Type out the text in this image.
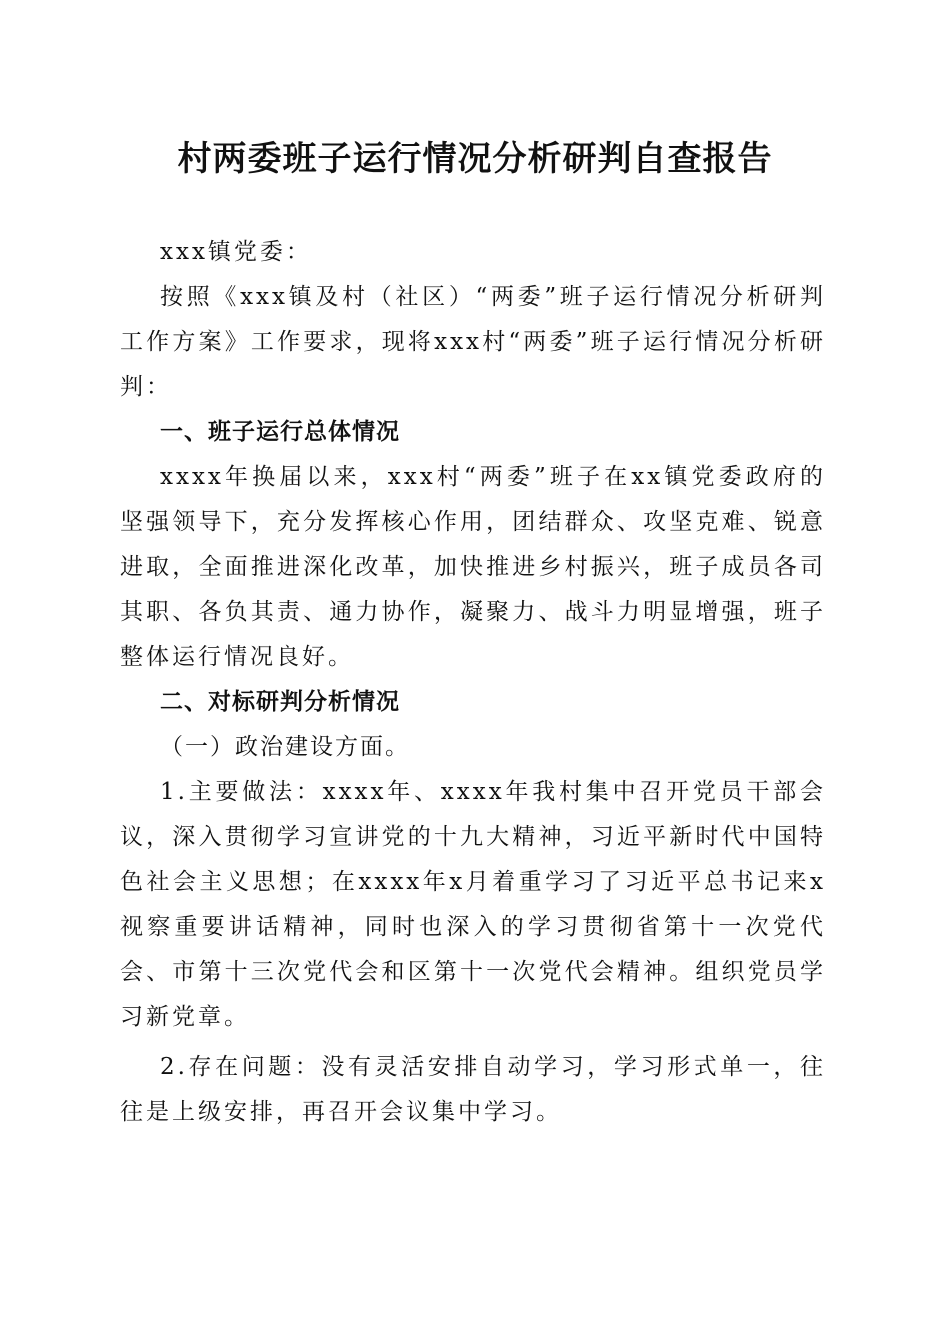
村两委班子运行情况分析研判自查报告

xxx镇党委：

按照《xxx镇及村（社区）“两委”班子运行情况分析研判工作方案》工作要求，现将xxx村“两委”班子运行情况分析研判：

一、班子运行总体情况

xxxx年换届以来，xxx村“两委”班子在xx镇党委政府的坚强领导下，充分发挥核心作用，团结群众、攻坚克难、锐意进取，全面推进深化改革，加快推进乡村振兴，班子成员各司其职、各负其责、通力协作，凝聚力、战斗力明显增强，班子整体运行情况良好。

二、对标研判分析情况

（一）政治建设方面。

1.主要做法：xxxx年、xxxx年我村集中召开党员干部会议，深入贯彻学习宣讲党的十九大精神，习近平新时代中国特色社会主义思想；在xxxx年x月着重学习了习近平总书记来x视察重要讲话精神，同时也深入的学习贯彻省第十一次党代会、市第十三次党代会和区第十一次党代会精神。组织党员学习新党章。

2.存在问题：没有灵活安排自动学习，学习形式单一，往往是上级安排，再召开会议集中学习。
